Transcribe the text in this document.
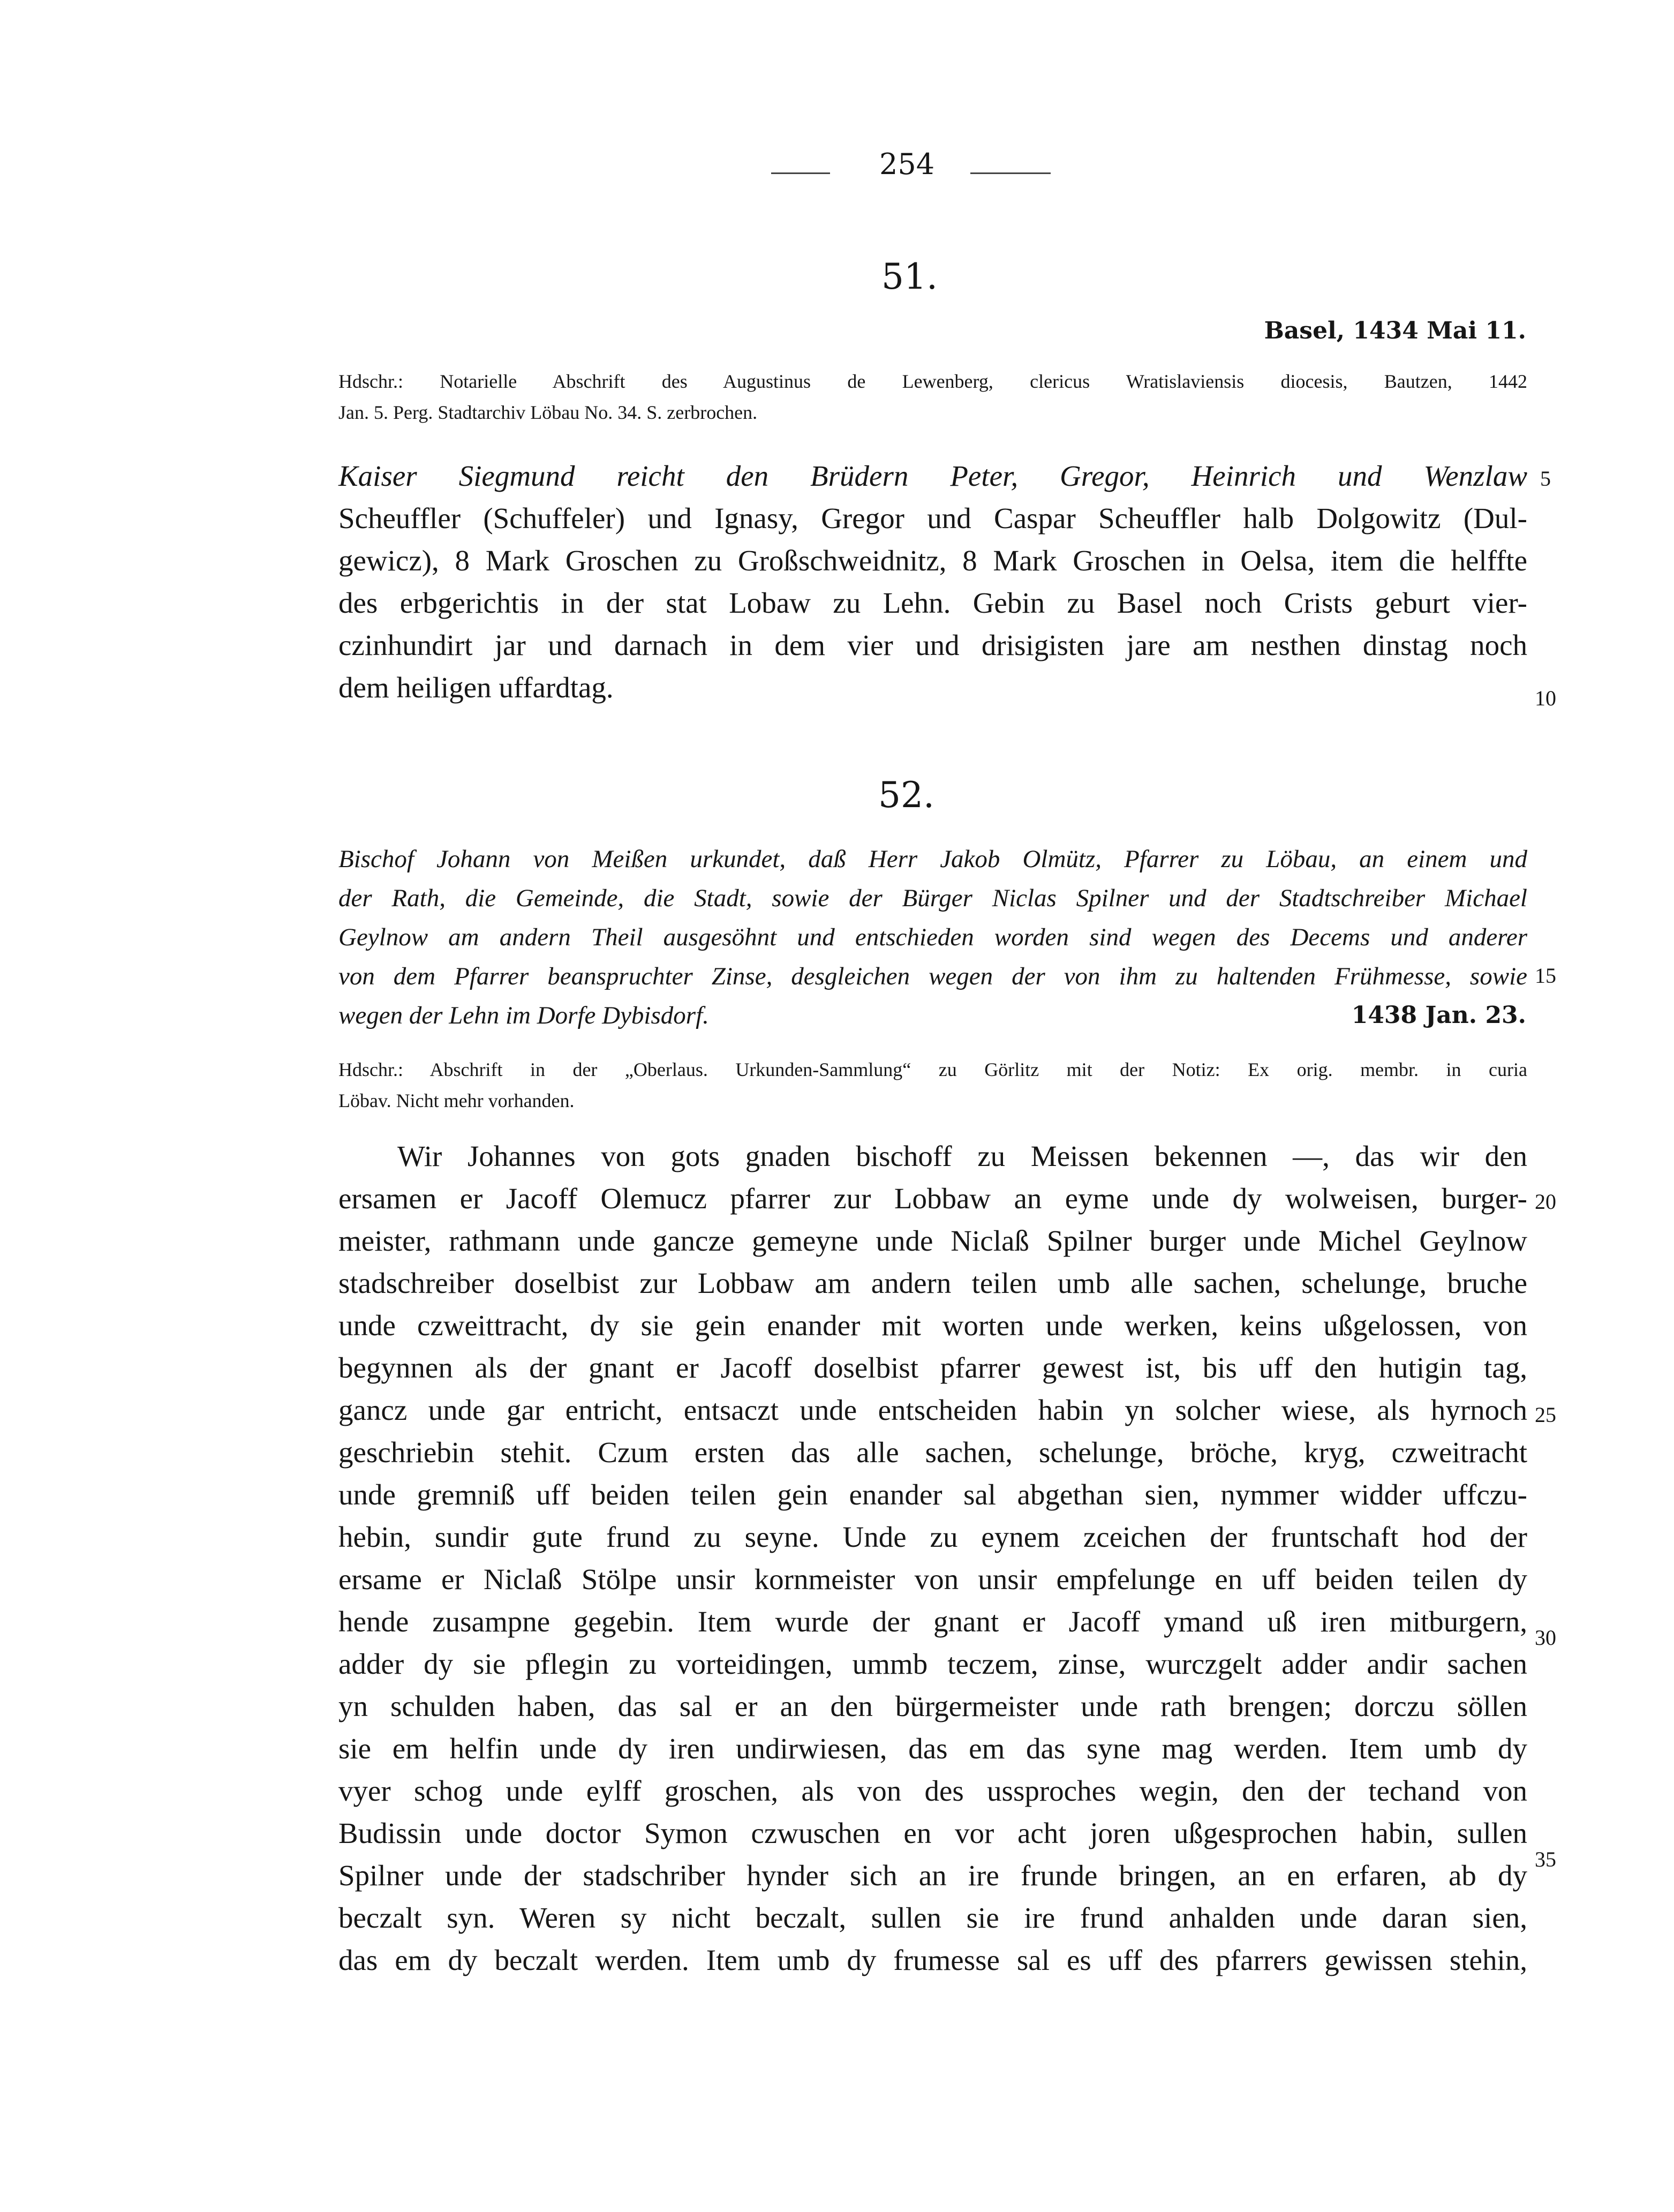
254
51.
Basel, 1434 Mai 11.
Hdschr.: Notarielle Abschrift des Augustinus de Lewenberg, clericus Wratislaviensis diocesis, Bautzen, 1442
Jan. 5. Perg. Stadtarchiv Löbau No. 34. S. zerbrochen.
Kaiser Siegmund reicht den Brüdern Peter, Gregor, Heinrich und Wenzlaw
Scheuffler (Schuffeler) und Ignasy, Gregor und Caspar Scheuffler halb Dolgowitz (Dul-
gewicz), 8 Mark Groschen zu Großschweidnitz, 8 Mark Groschen in Oelsa, item die helffte
des erbgerichtis in der stat Lobaw zu Lehn. Gebin zu Basel noch Crists geburt vier-
czinhundirt jar und darnach in dem vier und drisigisten jare am nesthen dinstag noch
dem heiligen uffardtag.
52.
Bischof Johann von Meißen urkundet, daß Herr Jakob Olmütz, Pfarrer zu Löbau, an einem und
der Rath, die Gemeinde, die Stadt, sowie der Bürger Niclas Spilner und der Stadtschreiber Michael
Geylnow am andern Theil ausgesöhnt und entschieden worden sind wegen des Decems und anderer
von dem Pfarrer beanspruchter Zinse, desgleichen wegen der von ihm zu haltenden Frühmesse, sowie
wegen der Lehn im Dorfe Dybisdorf.	1438 Jan. 23.
Hdschr.: Abschrift in der „Oberlaus. Urkunden-Sammlung“ zu Görlitz mit der Notiz: Ex orig. membr. in curia
Löbav. Nicht mehr vorhanden.
Wir Johannes von gots gnaden bischoff zu Meissen bekennen —, das wir den
ersamen er Jacoff Olemucz pfarrer zur Lobbaw an eyme unde dy wolweisen, burger-
meister, rathmann unde gancze gemeyne unde Niclaß Spilner burger unde Michel Geylnow
stadschreiber doselbist zur Lobbaw am andern teilen umb alle sachen, schelunge, bruche
unde czweittracht, dy sie gein enander mit worten unde werken, keins ußgelossen, von
begynnen als der gnant er Jacoff doselbist pfarrer gewest ist, bis uff den hutigin tag,
gancz unde gar entricht, entsaczt unde entscheiden habin yn solcher wiese, als hyrnoch
geschriebin stehit. Czum ersten das alle sachen, schelunge, bröche, kryg, czweitracht
unde gremniß uff beiden teilen gein enander sal abgethan sien, nymmer widder uffczu-
hebin, sundir gute frund zu seyne. Unde zu eynem zceichen der fruntschaft hod der
ersame er Niclaß Stölpe unsir kornmeister von unsir empfelunge en uff beiden teilen dy
hende zusampne gegebin. Item wurde der gnant er Jacoff ymand uß iren mitburgern,
adder dy sie pflegin zu vorteidingen, ummb teczem, zinse, wurczgelt adder andir sachen
yn schulden haben, das sal er an den bürgermeister unde rath brengen; dorczu söllen
sie em helfin unde dy iren undirwiesen, das em das syne mag werden. Item umb dy
vyer schog unde eylff groschen, als von des ussproches wegin, den der techand von
Budissin unde doctor Symon czwuschen en vor acht joren ußgesprochen habin, sullen
Spilner unde der stadschriber hynder sich an ire frunde bringen, an en erfaren, ab dy
beczalt syn. Weren sy nicht beczalt, sullen sie ire frund anhalden unde daran sien,
das em dy beczalt werden. Item umb dy frumesse sal es uff des pfarrers gewissen stehin,
5
10
15
20
25
30
35
